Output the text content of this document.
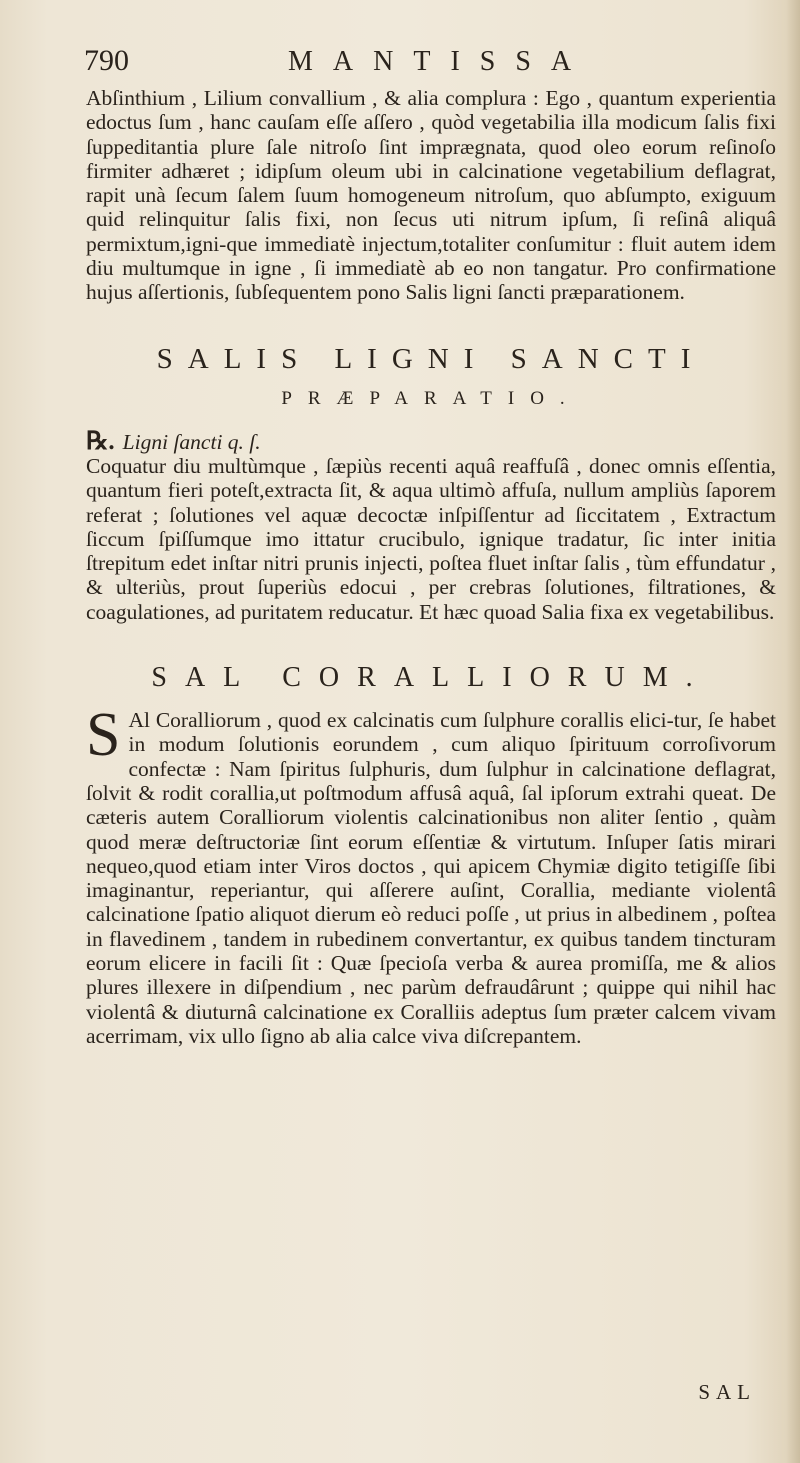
790	MANTISSA

Abſinthium , Lilium convallium , & alia complura : Ego , quantum experientia edoctus ſum , hanc cauſam eſſe aſſero , quòd vegetabilia illa modicum ſalis fixi ſuppeditantia plure ſale nitroſo ſint imprægnata, quod oleo eorum reſinoſo firmiter adhæret ; idipſum oleum ubi in calcinatione vegetabilium deflagrat, rapit unà ſecum ſalem ſuum homogeneum nitroſum, quo abſumpto, exiguum quid relinquitur ſalis fixi, non ſecus uti nitrum ipſum, ſi reſinâ aliquâ permixtum,igni-que immediatè injectum,totaliter conſumitur : fluit autem idem diu multumque in igne , ſi immediatè ab eo non tangatur. Pro confirmatione hujus aſſertionis, ſubſequentem pono Salis ligni ſancti præparationem.

SALIS LIGNI SANCTI
PRÆPARATIO.

℞. Ligni ſancti q. ſ.

Coquatur diu multùmque , ſæpiùs recenti aquâ reaffuſâ , donec omnis eſſentia, quantum fieri poteſt,extracta ſit, & aqua ultimò affuſa, nullum ampliùs ſaporem referat ; ſolutiones vel aquæ decoctæ inſpiſſentur ad ſiccitatem , Extractum ſiccum ſpiſſumque imo ittatur crucibulo, ignique tradatur, ſic inter initia ſtrepitum edet inſtar nitri prunis injecti, poſtea fluet inſtar ſalis , tùm effundatur , & ulteriùs, prout ſuperiùs edocui , per crebras ſolutiones, filtrationes, & coagulationes, ad puritatem reducatur. Et hæc quoad Salia fixa ex vegetabilibus.

SAL CORALLIORUM.

S Al Coralliorum , quod ex calcinatis cum ſulphure corallis elici-tur, ſe habet in modum ſolutionis eorundem , cum aliquo ſpirituum corroſivorum confectæ : Nam ſpiritus ſulphuris, dum ſulphur in calcinatione deflagrat, ſolvit & rodit corallia,ut poſtmodum affusâ aquâ, ſal ipſorum extrahi queat. De cæteris autem Coralliorum violentis calcinationibus non aliter ſentio , quàm quod meræ deſtructoriæ ſint eorum eſſentiæ & virtutum. Inſuper ſatis mirari nequeo,quod etiam inter Viros doctos , qui apicem Chymiæ digito tetigiſſe ſibi imaginantur, reperiantur, qui aſſerere auſint, Corallia, mediante violentâ calcinatione ſpatio aliquot dierum eò reduci poſſe , ut prius in albedinem , poſtea in flavedinem , tandem in rubedinem convertantur, ex quibus tandem tincturam eorum elicere in facili ſit : Quæ ſpecioſa verba & aurea promiſſa, me & alios plures illexere in diſpendium , nec parùm defraudârunt ; quippe qui nihil hac violentâ & diuturnâ calcinatione ex Coralliis adeptus ſum præter calcem vivam acerrimam, vix ullo ſigno ab alia calce viva diſcrepantem.

SAL
